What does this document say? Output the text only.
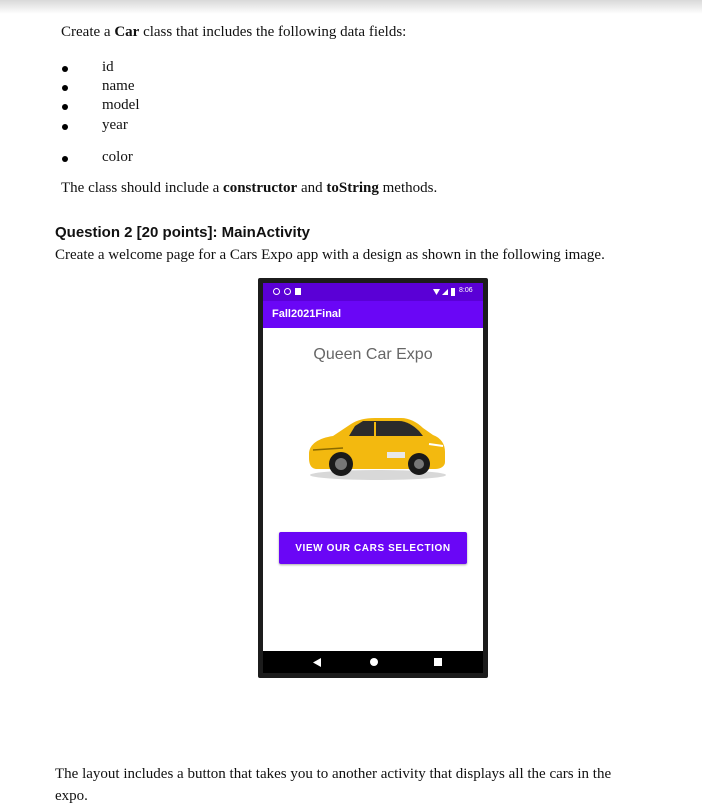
Create a Car class that includes the following data fields:
id
name
model
year
color
The class should include a constructor and toString methods.
Question 2 [20 points]: MainActivity
Create a welcome page for a Cars Expo app with a design as shown in the following image.
8:06
Fall2021Final
Queen Car Expo
VIEW OUR CARS SELECTION
The layout includes a button that takes you to another activity that displays all the cars in the
expo.
